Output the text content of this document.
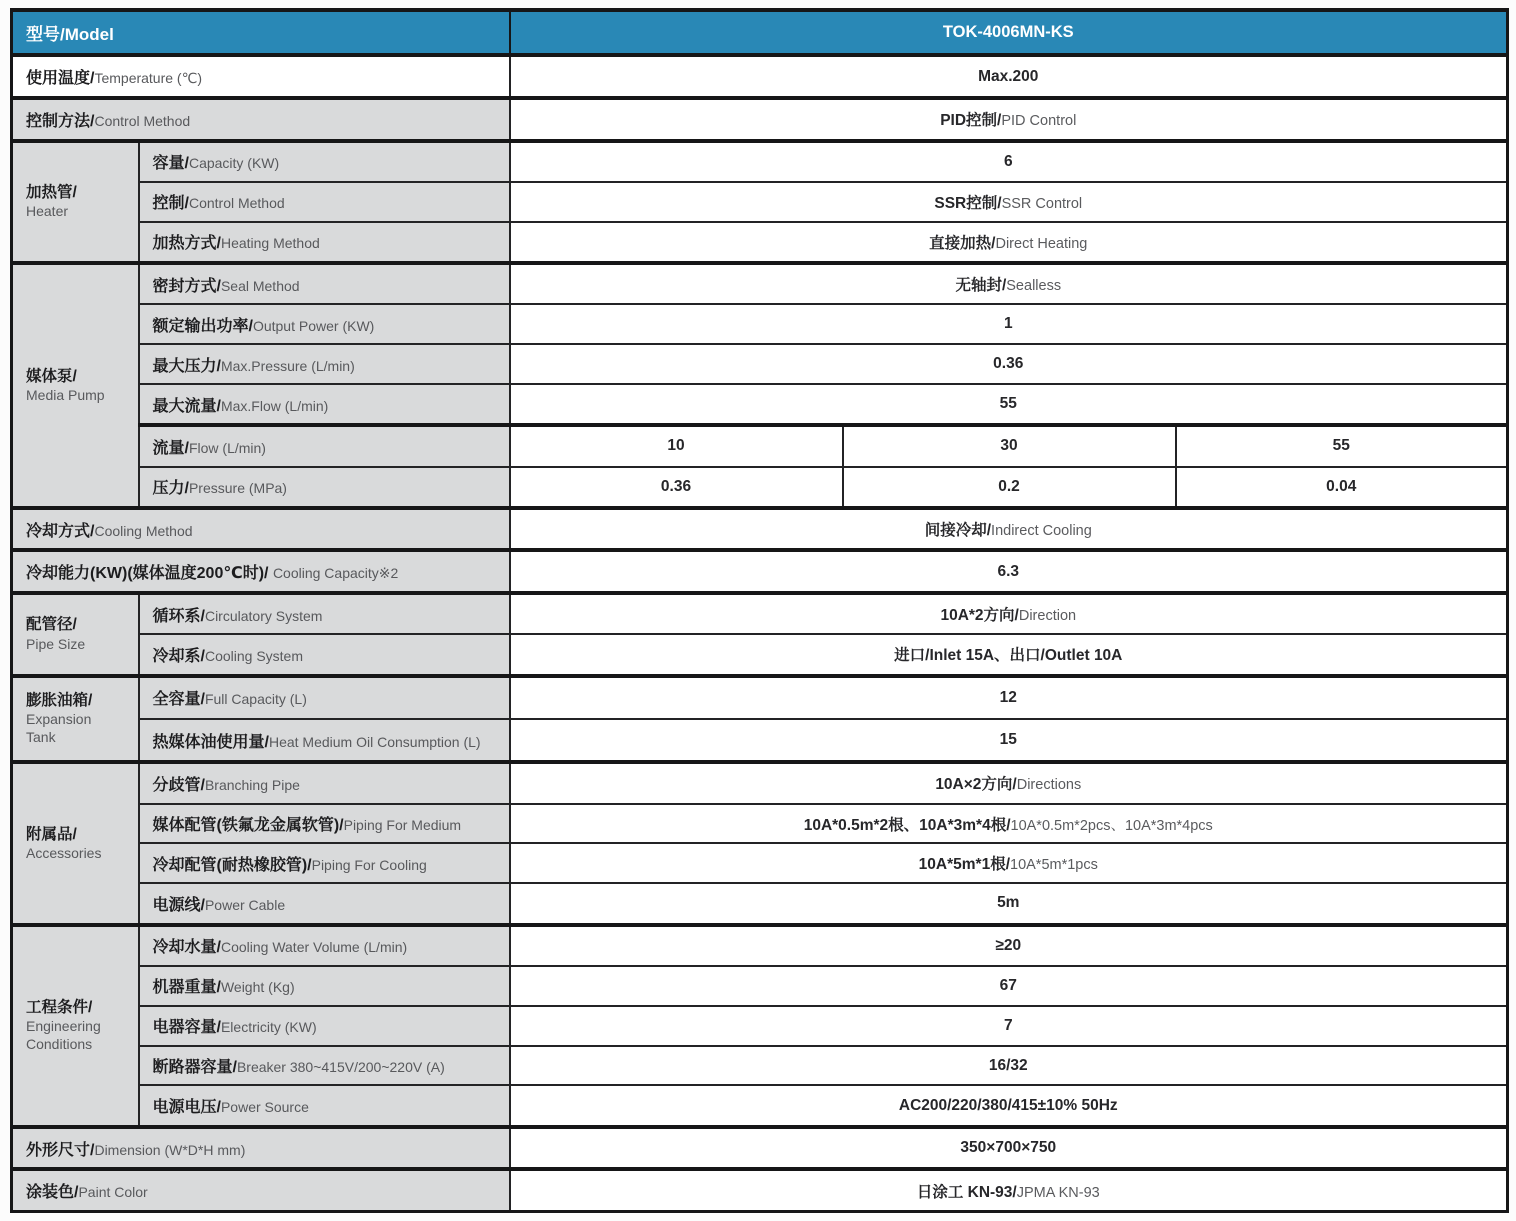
型号/Model		TOK-4006MN-KS		
使用温度/Temperature (℃)		Max.200		
控制方法/Control Method		PID控制/PID Control		

加热管/
Heater	容量/Capacity (KW)	6		
	控制/Control Method	SSR控制/SSR Control		
	加热方式/Heating Method	直接加热/Direct Heating		

媒体泵/
Media Pump	密封方式/Seal Method	无轴封/Sealless		
	额定输出功率/Output Power (KW)	1		
	最大压力/Max.Pressure (L/min)	0.36		
	最大流量/Max.Flow (L/min)	55		
	流量/Flow (L/min)	10	30	55
	压力/Pressure (MPa)	0.36	0.2	0.04
冷却方式/Cooling Method		间接冷却/Indirect Cooling		
冷却能力(KW)(媒体温度200℃时)/ Cooling Capacity※2		6.3		

配管径/
Pipe Size	循环系/Circulatory System	10A*2方向/Direction		
	冷却系/Cooling System	进口/Inlet 15A、出口/Outlet 10A		

膨胀油箱/
Expansion Tank	全容量/Full Capacity (L)	12		
	热媒体油使用量/Heat Medium Oil Consumption (L)	15		

附属品/
Accessories	分歧管/Branching Pipe	10A×2方向/Directions		
	媒体配管(铁氟龙金属软管)/Piping For Medium	10A*0.5m*2根、10A*3m*4根/10A*0.5m*2pcs、10A*3m*4pcs		
	冷却配管(耐热橡胶管)/Piping For Cooling	10A*5m*1根/10A*5m*1pcs		
	电源线/Power Cable	5m		

工程条件/
Engineering Conditions	冷却水量/Cooling Water Volume (L/min)	≥20		
	机器重量/Weight (Kg)	67		
	电器容量/Electricity (KW)	7		
	断路器容量/Breaker 380~415V/200~220V (A)	16/32		
	电源电压/Power Source	AC200/220/380/415±10% 50Hz		
外形尺寸/Dimension (W*D*H mm)		350×700×750		
涂装色/Paint Color		日涂工 KN-93/JPMA KN-93		
